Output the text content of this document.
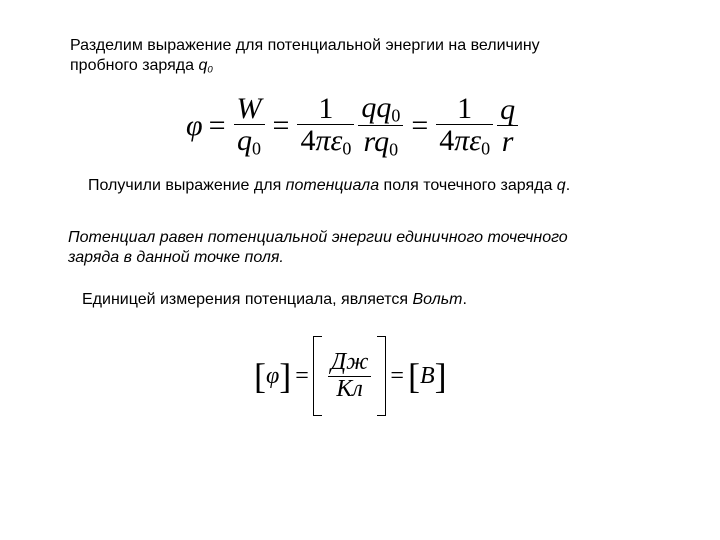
Разделим выражение для потенциальной энергии на величину
пробного заряда $q_0$
$\varphi = \frac{W}{q_0} = \frac{1}{4\pi\varepsilon_0} \frac{qq_0}{rq_0} = \frac{1}{4\pi\varepsilon_0} \frac{q}{r}$
Получили выражение для потенциала поля точечного заряда q.
Потенциал равен потенциальной энергии единичного точечного
заряда в данной точке поля.
Единицей измерения потенциала, является Вольт.
[ φ ] = $\frac{Дж}{Кл}$ = [ В ]
